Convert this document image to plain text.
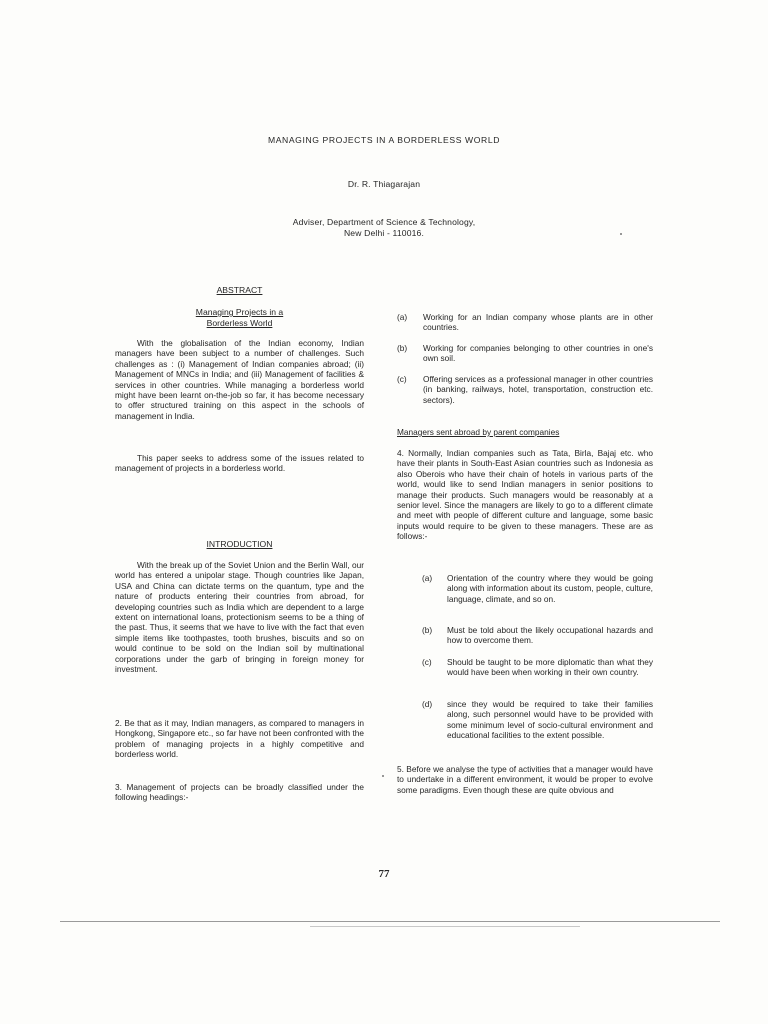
MANAGING PROJECTS IN A BORDERLESS WORLD
Dr. R. Thiagarajan
Adviser, Department of Science & Technology,
New Delhi - 110016.
ABSTRACT
Managing Projects in a
Borderless World

With the globalisation of the Indian economy, Indian managers have been subject to a number of challenges. Such challenges as : (i) Management of Indian companies abroad; (ii) Management of MNCs in India; and (iii) Management of facilities & services in other countries. While managing a borderless world might have been learnt on-the-job so far, it has become necessary to offer structured training on this aspect in the schools of management in India.

This paper seeks to address some of the issues related to management of projects in a borderless world.

INTRODUCTION

With the break up of the Soviet Union and the Berlin Wall, our world has entered a unipolar stage. Though countries like Japan, USA and China can dictate terms on the quantum, type and the nature of products entering their countries from abroad, for developing countries such as India which are dependent to a large extent on international loans, protectionism seems to be a thing of the past. Thus, it seems that we have to live with the fact that even simple items like toothpastes, tooth brushes, biscuits and so on would continue to be sold on the Indian soil by multinational corporations under the garb of bringing in foreign money for investment.

2. Be that as it may, Indian managers, as compared to managers in Hongkong, Singapore etc., so far have not been confronted with the problem of managing projects in a highly competitive and borderless world.

3. Management of projects can be broadly classified under the following headings:-

(a) Working for an Indian company whose plants are in other countries.

(b) Working for companies belonging to other countries in one's own soil.

(c) Offering services as a professional manager in other countries (in banking, railways, hotel, transportation, construction etc. sectors).

Managers sent abroad by parent companies

4. Normally, Indian companies such as Tata, Birla, Bajaj etc. who have their plants in South-East Asian countries such as Indonesia as also Oberois who have their chain of hotels in various parts of the world, would like to send Indian managers in senior positions to manage their products. Such managers would be reasonably at a senior level. Since the managers are likely to go to a different climate and meet with people of different culture and language, some basic inputs would require to be given to these managers. These are as follows:-

(a) Orientation of the country where they would be going along with information about its custom, people, culture, language, climate, and so on.

(b) Must be told about the likely occupational hazards and how to overcome them.

(c) Should be taught to be more diplomatic than what they would have been when working in their own country.

(d) since they would be required to take their families along, such personnel would have to be provided with some minimum level of socio-cultural environment and educational facilities to the extent possible.

5. Before we analyse the type of activities that a manager would have to undertake in a different environment, it would be proper to evolve some paradigms. Even though these are quite obvious and

77
